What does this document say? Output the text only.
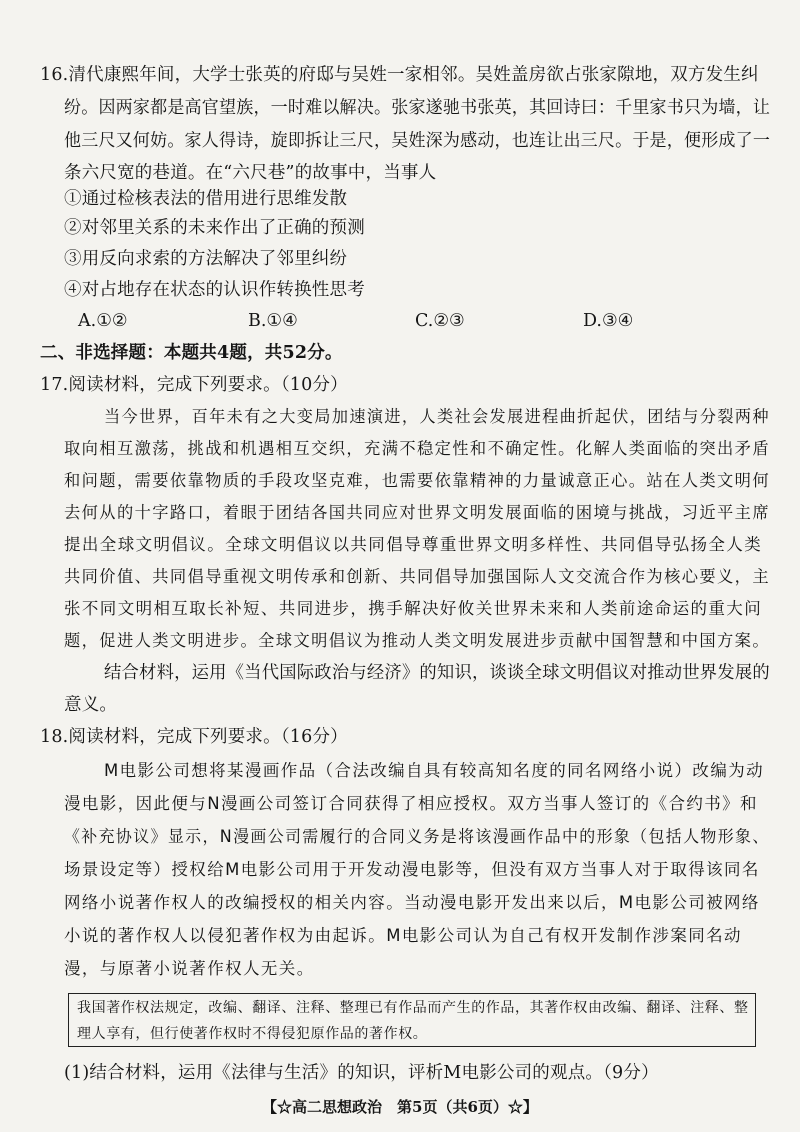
16.清代康熙年间，大学士张英的府邸与吴姓一家相邻。吴姓盖房欲占张家隙地，双方发生纠
纷。因两家都是高官望族，一时难以解决。张家遂驰书张英，其回诗曰：千里家书只为墙，让
他三尺又何妨。家人得诗，旋即拆让三尺，吴姓深为感动，也连让出三尺。于是，便形成了一
条六尺宽的巷道。在“六尺巷”的故事中，当事人
①通过检核表法的借用进行思维发散
②对邻里关系的未来作出了正确的预测
③用反向求索的方法解决了邻里纠纷
④对占地存在状态的认识作转换性思考
A.①②	B.①④	C.②③	D.③④
二、非选择题：本题共4题，共52分。
17.阅读材料，完成下列要求。（10分）
当今世界，百年未有之大变局加速演进，人类社会发展进程曲折起伏，团结与分裂两种
取向相互激荡，挑战和机遇相互交织，充满不稳定性和不确定性。化解人类面临的突出矛盾
和问题，需要依靠物质的手段攻坚克难，也需要依靠精神的力量诚意正心。站在人类文明何
去何从的十字路口，着眼于团结各国共同应对世界文明发展面临的困境与挑战，习近平主席
提出全球文明倡议。全球文明倡议以共同倡导尊重世界文明多样性、共同倡导弘扬全人类
共同价值、共同倡导重视文明传承和创新、共同倡导加强国际人文交流合作为核心要义，主
张不同文明相互取长补短、共同进步，携手解决好攸关世界未来和人类前途命运的重大问
题，促进人类文明进步。全球文明倡议为推动人类文明发展进步贡献中国智慧和中国方案。
结合材料，运用《当代国际政治与经济》的知识，谈谈全球文明倡议对推动世界发展的
意义。
18.阅读材料，完成下列要求。（16分）
M电影公司想将某漫画作品（合法改编自具有较高知名度的同名网络小说）改编为动
漫电影，因此便与N漫画公司签订合同获得了相应授权。双方当事人签订的《合约书》和
《补充协议》显示，N漫画公司需履行的合同义务是将该漫画作品中的形象（包括人物形象、
场景设定等）授权给M电影公司用于开发动漫电影等，但没有双方当事人对于取得该同名
网络小说著作权人的改编授权的相关内容。当动漫电影开发出来以后，M电影公司被网络
小说的著作权人以侵犯著作权为由起诉。M电影公司认为自己有权开发制作涉案同名动
漫，与原著小说著作权人无关。
我国著作权法规定，改编、翻译、注释、整理已有作品而产生的作品，其著作权由改编、翻译、注释、整
理人享有，但行使著作权时不得侵犯原作品的著作权。
(1)结合材料，运用《法律与生活》的知识，评析M电影公司的观点。（9分）
【☆高二思想政治　第5页（共6页）☆】
